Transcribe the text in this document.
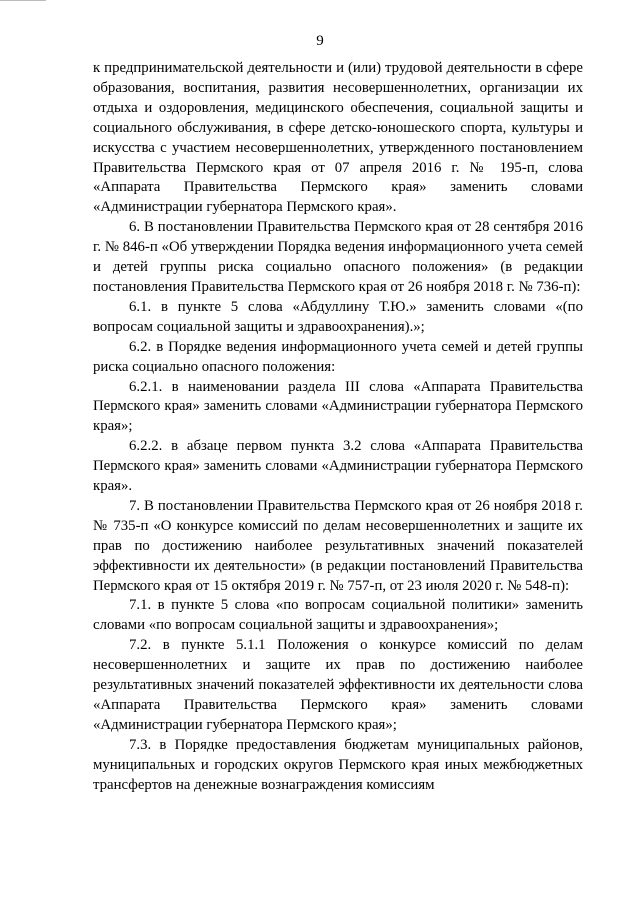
9

к предпринимательской деятельности и (или) трудовой деятельности в сфере образования, воспитания, развития несовершеннолетних, организации их отдыха и оздоровления, медицинского обеспечения, социальной защиты и социального обслуживания, в сфере детско-юношеского спорта, культуры и искусства с участием несовершеннолетних, утвержденного постановлением Правительства Пермского края от 07 апреля 2016 г. № 195-п, слова «Аппарата Правительства Пермского края» заменить словами «Администрации губернатора Пермского края».

6. В постановлении Правительства Пермского края от 28 сентября 2016 г. № 846-п «Об утверждении Порядка ведения информационного учета семей и детей группы риска социально опасного положения» (в редакции постановления Правительства Пермского края от 26 ноября 2018 г. № 736-п):

6.1. в пункте 5 слова «Абдуллину Т.Ю.» заменить словами «(по вопросам социальной защиты и здравоохранения).»;

6.2. в Порядке ведения информационного учета семей и детей группы риска социально опасного положения:

6.2.1. в наименовании раздела III слова «Аппарата Правительства Пермского края» заменить словами «Администрации губернатора Пермского края»;

6.2.2. в абзаце первом пункта 3.2 слова «Аппарата Правительства Пермского края» заменить словами «Администрации губернатора Пермского края».

7. В постановлении Правительства Пермского края от 26 ноября 2018 г. № 735-п «О конкурсе комиссий по делам несовершеннолетних и защите их прав по достижению наиболее результативных значений показателей эффективности их деятельности» (в редакции постановлений Правительства Пермского края от 15 октября 2019 г. № 757-п, от 23 июля 2020 г. № 548-п):

7.1. в пункте 5 слова «по вопросам социальной политики» заменить словами «по вопросам социальной защиты и здравоохранения»;

7.2. в пункте 5.1.1 Положения о конкурсе комиссий по делам несовершеннолетних и защите их прав по достижению наиболее результативных значений показателей эффективности их деятельности слова «Аппарата Правительства Пермского края» заменить словами «Администрации губернатора Пермского края»;

7.3. в Порядке предоставления бюджетам муниципальных районов, муниципальных и городских округов Пермского края иных межбюджетных трансфертов на денежные вознаграждения комиссиям
